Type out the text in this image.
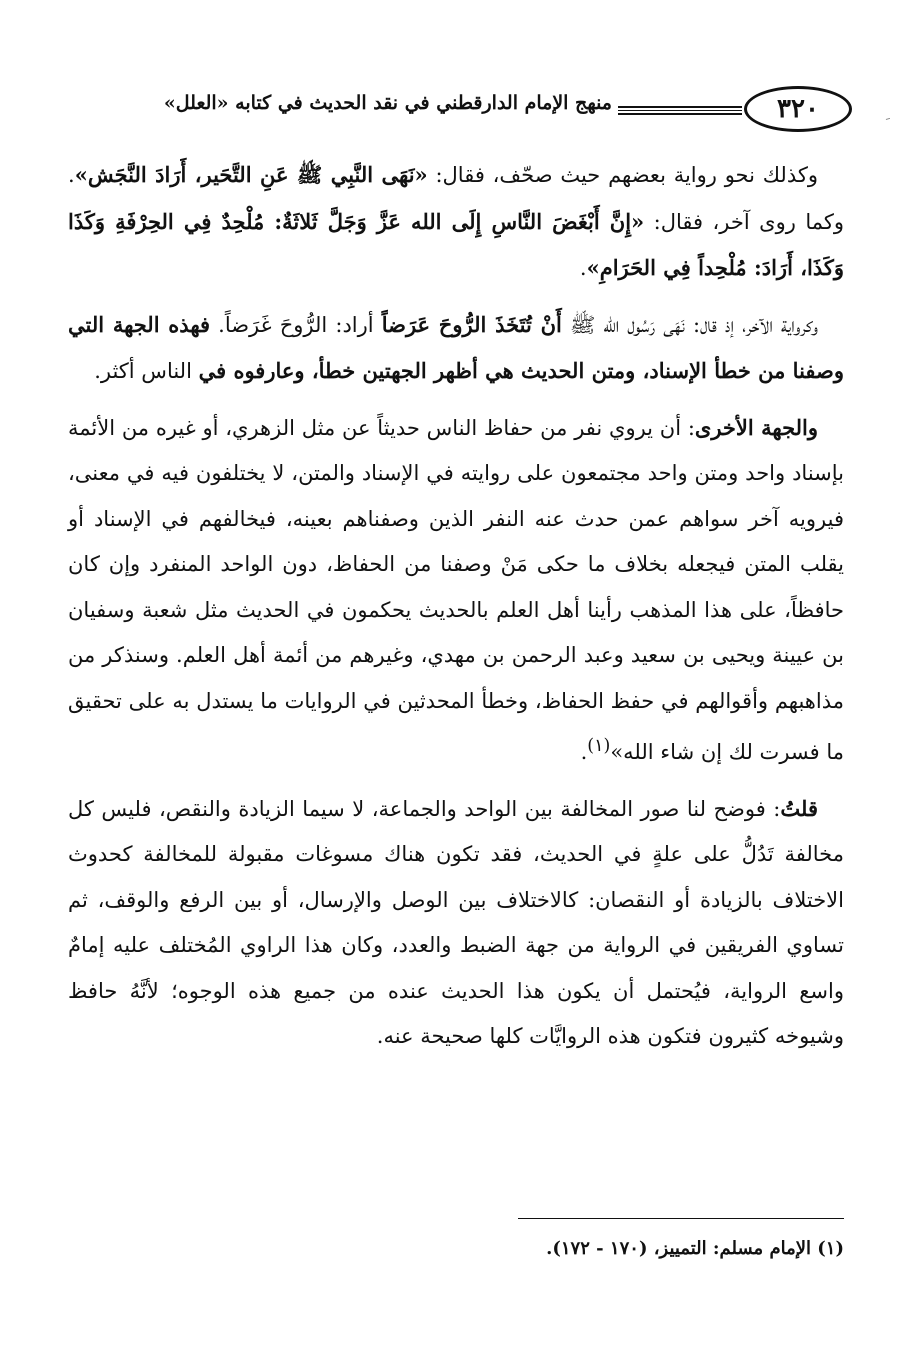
٣٢٠
منهج الإمام الدارقطني في نقد الحديث في كتابه «العلل»

وكذلك نحو رواية بعضهم حيث صحّف، فقال: «نَهَى النَّبِي ﷺ عَنِ التَّحَير، أَرَادَ النَّجَش». وكما روى آخر، فقال: «إِنَّ أَبْغَضَ النَّاسِ إِلَى الله عَزَّ وَجَلَّ ثَلاثَةٌ: مُلْحِدٌ فِي الحِرْفَةِ وَكَذَا وَكَذَا، أَرَادَ: مُلْحِداً فِي الحَرَامِ».

وكرواية الآخر، إذ قال: نَهَى رَسُول الله ﷺ أَنْ تُتَخَذَ الرُّوحَ عَرَضاً أراد: الرُّوحَ غَرَضاً. فهذه الجهة التي وصفنا من خطأ الإسناد، ومتن الحديث هي أظهر الجهتين خطأ، وعارفوه في الناس أكثر.

والجهة الأخرى: أن يروي نفر من حفاظ الناس حديثاً عن مثل الزهري، أو غيره من الأئمة بإسناد واحد ومتن واحد مجتمعون على روايته في الإسناد والمتن، لا يختلفون فيه في معنى، فيرويه آخر سواهم عمن حدث عنه النفر الذين وصفناهم بعينه، فيخالفهم في الإسناد أو يقلب المتن فيجعله بخلاف ما حكى مَنْ وصفنا من الحفاظ، دون الواحد المنفرد وإن كان حافظاً، على هذا المذهب رأينا أهل العلم بالحديث يحكمون في الحديث مثل شعبة وسفيان بن عيينة ويحيى بن سعيد وعبد الرحمن بن مهدي، وغيرهم من أئمة أهل العلم. وسنذكر من مذاهبهم وأقوالهم في حفظ الحفاظ، وخطأ المحدثين في الروايات ما يستدل به على تحقيق ما فسرت لك إن شاء الله»$^{(١)}$.

قلتُ: فوضح لنا صور المخالفة بين الواحد والجماعة، لا سيما الزيادة والنقص، فليس كل مخالفة تَدُلُّ على علةٍ في الحديث، فقد تكون هناك مسوغات مقبولة للمخالفة كحدوث الاختلاف بالزيادة أو النقصان: كالاختلاف بين الوصل والإرسال، أو بين الرفع والوقف، ثم تساوي الفريقين في الرواية من جهة الضبط والعدد، وكان هذا الراوي المُختلف عليه إمامٌ واسع الرواية، فيُحتمل أن يكون هذا الحديث عنده من جميع هذه الوجوه؛ لأنَّهُ حافظ وشيوخه كثيرون فتكون هذه الروايَّات كلها صحيحة عنه.

(١) الإمام مسلم: التمييز، (١٧٠ - ١٧٢).
ﹶ
